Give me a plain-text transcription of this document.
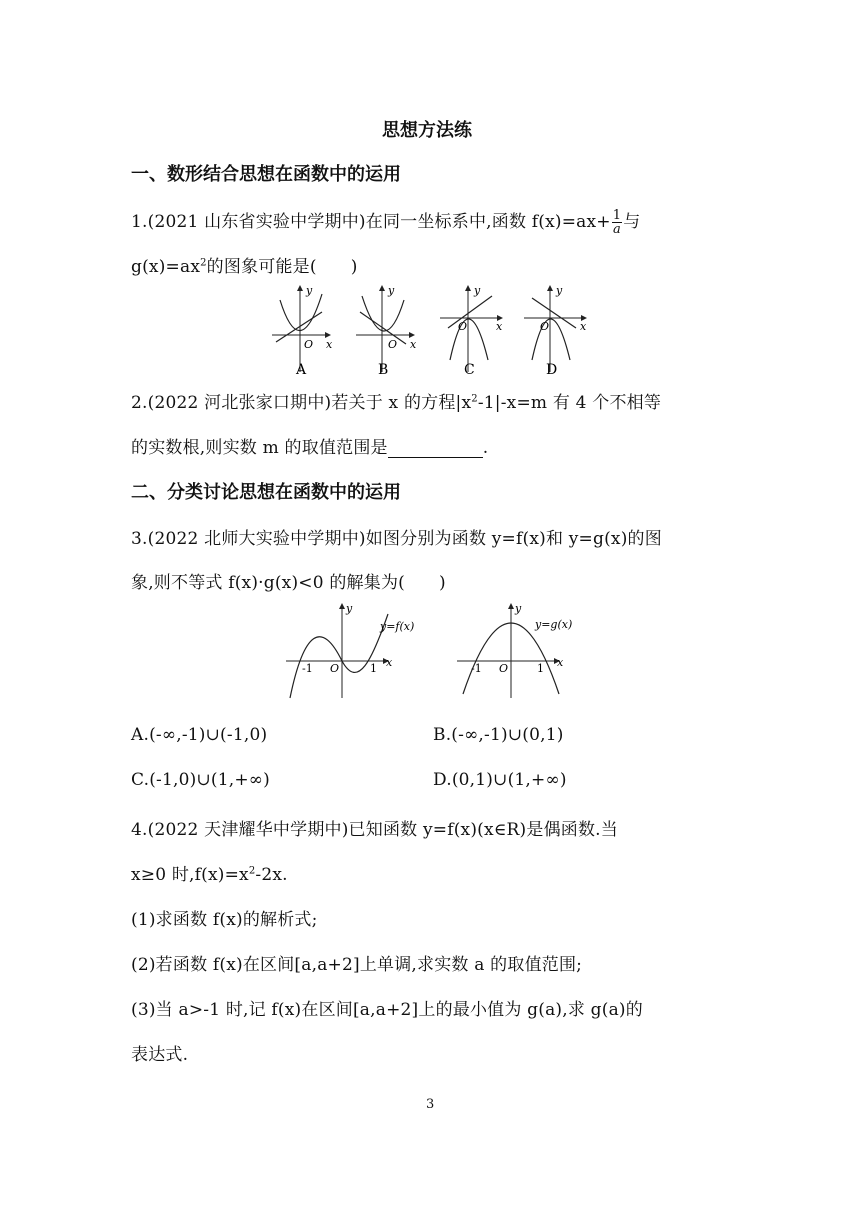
思想方法练
一、数形结合思想在函数中的运用
1.(2021 山东省实验中学期中)在同一坐标系中,函数 $f(x)=ax+ \frac{1}{a}$ 与
$g(x)=ax^2$的图象可能是( )
y
x
O
A
y
x
O
B
y
x
O
C
y
x
O
D
2.(2022 河北张家口期中)若关于 x 的方程$|x^2-1|-x=m$ 有 4 个不相等
的实数根,则实数 m 的取值范围是	.
二、分类讨论思想在函数中的运用
3.(2022 北师大实验中学期中)如图分别为函数 y=f(x)和 y=g(x)的图
象,则不等式 f(x)·g(x)<0 的解集为( )
y
x
-1 O	1
y=f(x)
y
x
-1 O	1
y=g(x)
A.(-∞,-1)∪(-1,0)	B.(-∞,-1)∪(0,1)
C.(-1,0)∪(1,+∞)	D.(0,1)∪(1,+∞)
4.(2022 天津耀华中学期中)已知函数 y=f(x)(x∈R)是偶函数.当
x≥0 时$,f(x)=x^2-2x$.
(1)求函数 f(x)的解析式;
(2)若函数 f(x)在区间[a,a+2]上单调,求实数 a 的取值范围;
(3)当 a>-1 时,记 f(x)在区间[a,a+2]上的最小值为 g(a),求 g(a)的
表达式.
3
